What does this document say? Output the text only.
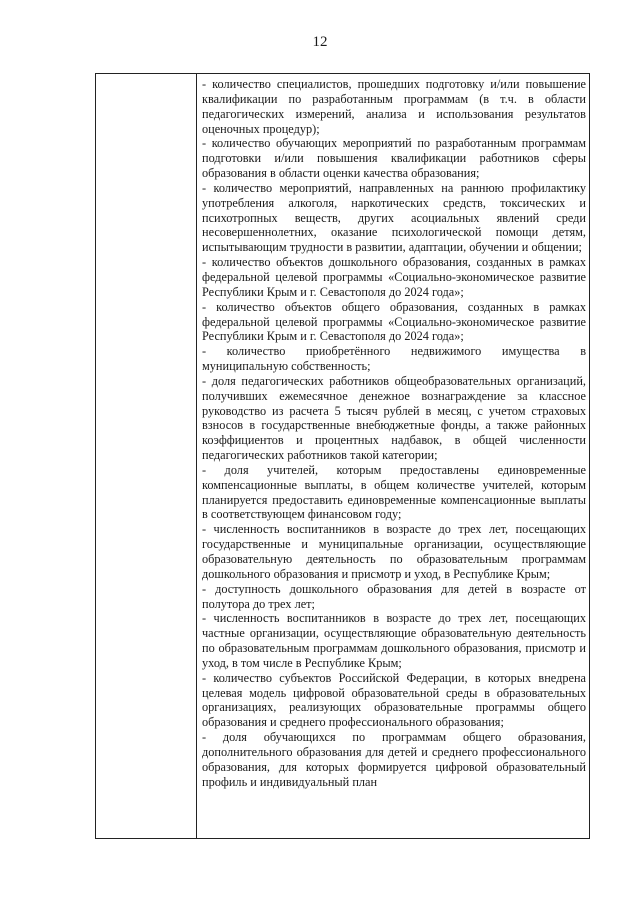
12

- количество специалистов, прошедших подготовку и/или повышение квалификации по разработанным программам (в т.ч. в области педагогических измерений, анализа и использования результатов оценочных процедур);

- количество обучающих мероприятий по разработанным программам подготовки и/или повышения квалификации работников сферы образования в области оценки качества образования;

- количество мероприятий, направленных на раннюю профилактику употребления алкоголя, наркотических средств, токсических и психотропных веществ, других асоциальных явлений среди несовершеннолетних, оказание психологической помощи детям, испытывающим трудности в развитии, адаптации, обучении и общении;

- количество объектов дошкольного образования, созданных в рамках федеральной целевой программы «Социально-экономическое развитие Республики Крым и г. Севастополя до 2024 года»;

- количество объектов общего образования, созданных в рамках федеральной целевой программы «Социально-экономическое развитие Республики Крым и г. Севастополя до 2024 года»;

- количество приобретённого недвижимого имущества в муниципальную собственность;

- доля педагогических работников общеобразовательных организаций, получивших ежемесячное денежное вознаграждение за классное руководство из расчета 5 тысяч рублей в месяц, с учетом страховых взносов в государственные внебюджетные фонды, а также районных коэффициентов и процентных надбавок, в общей численности педагогических работников такой категории;

- доля учителей, которым предоставлены единовременные компенсационные выплаты, в общем количестве учителей, которым планируется предоставить единовременные компенсационные выплаты в соответствующем финансовом году;

- численность воспитанников в возрасте до трех лет, посещающих государственные и муниципальные организации, осуществляющие образовательную деятельность по образовательным программам дошкольного образования и присмотр и уход, в Республике Крым;

- доступность дошкольного образования для детей в возрасте от полутора до трех лет;

- численность воспитанников в возрасте до трех лет, посещающих частные организации, осуществляющие образовательную деятельность по образовательным программам дошкольного образования, присмотр и уход, в том числе в Республике Крым;

- количество субъектов Российской Федерации, в которых внедрена целевая модель цифровой образовательной среды в образовательных организациях, реализующих образовательные программы общего образования и среднего профессионального образования;

- доля обучающихся по программам общего образования, дополнительного образования для детей и среднего профессионального образования, для которых формируется цифровой образовательный профиль и индивидуальный план
